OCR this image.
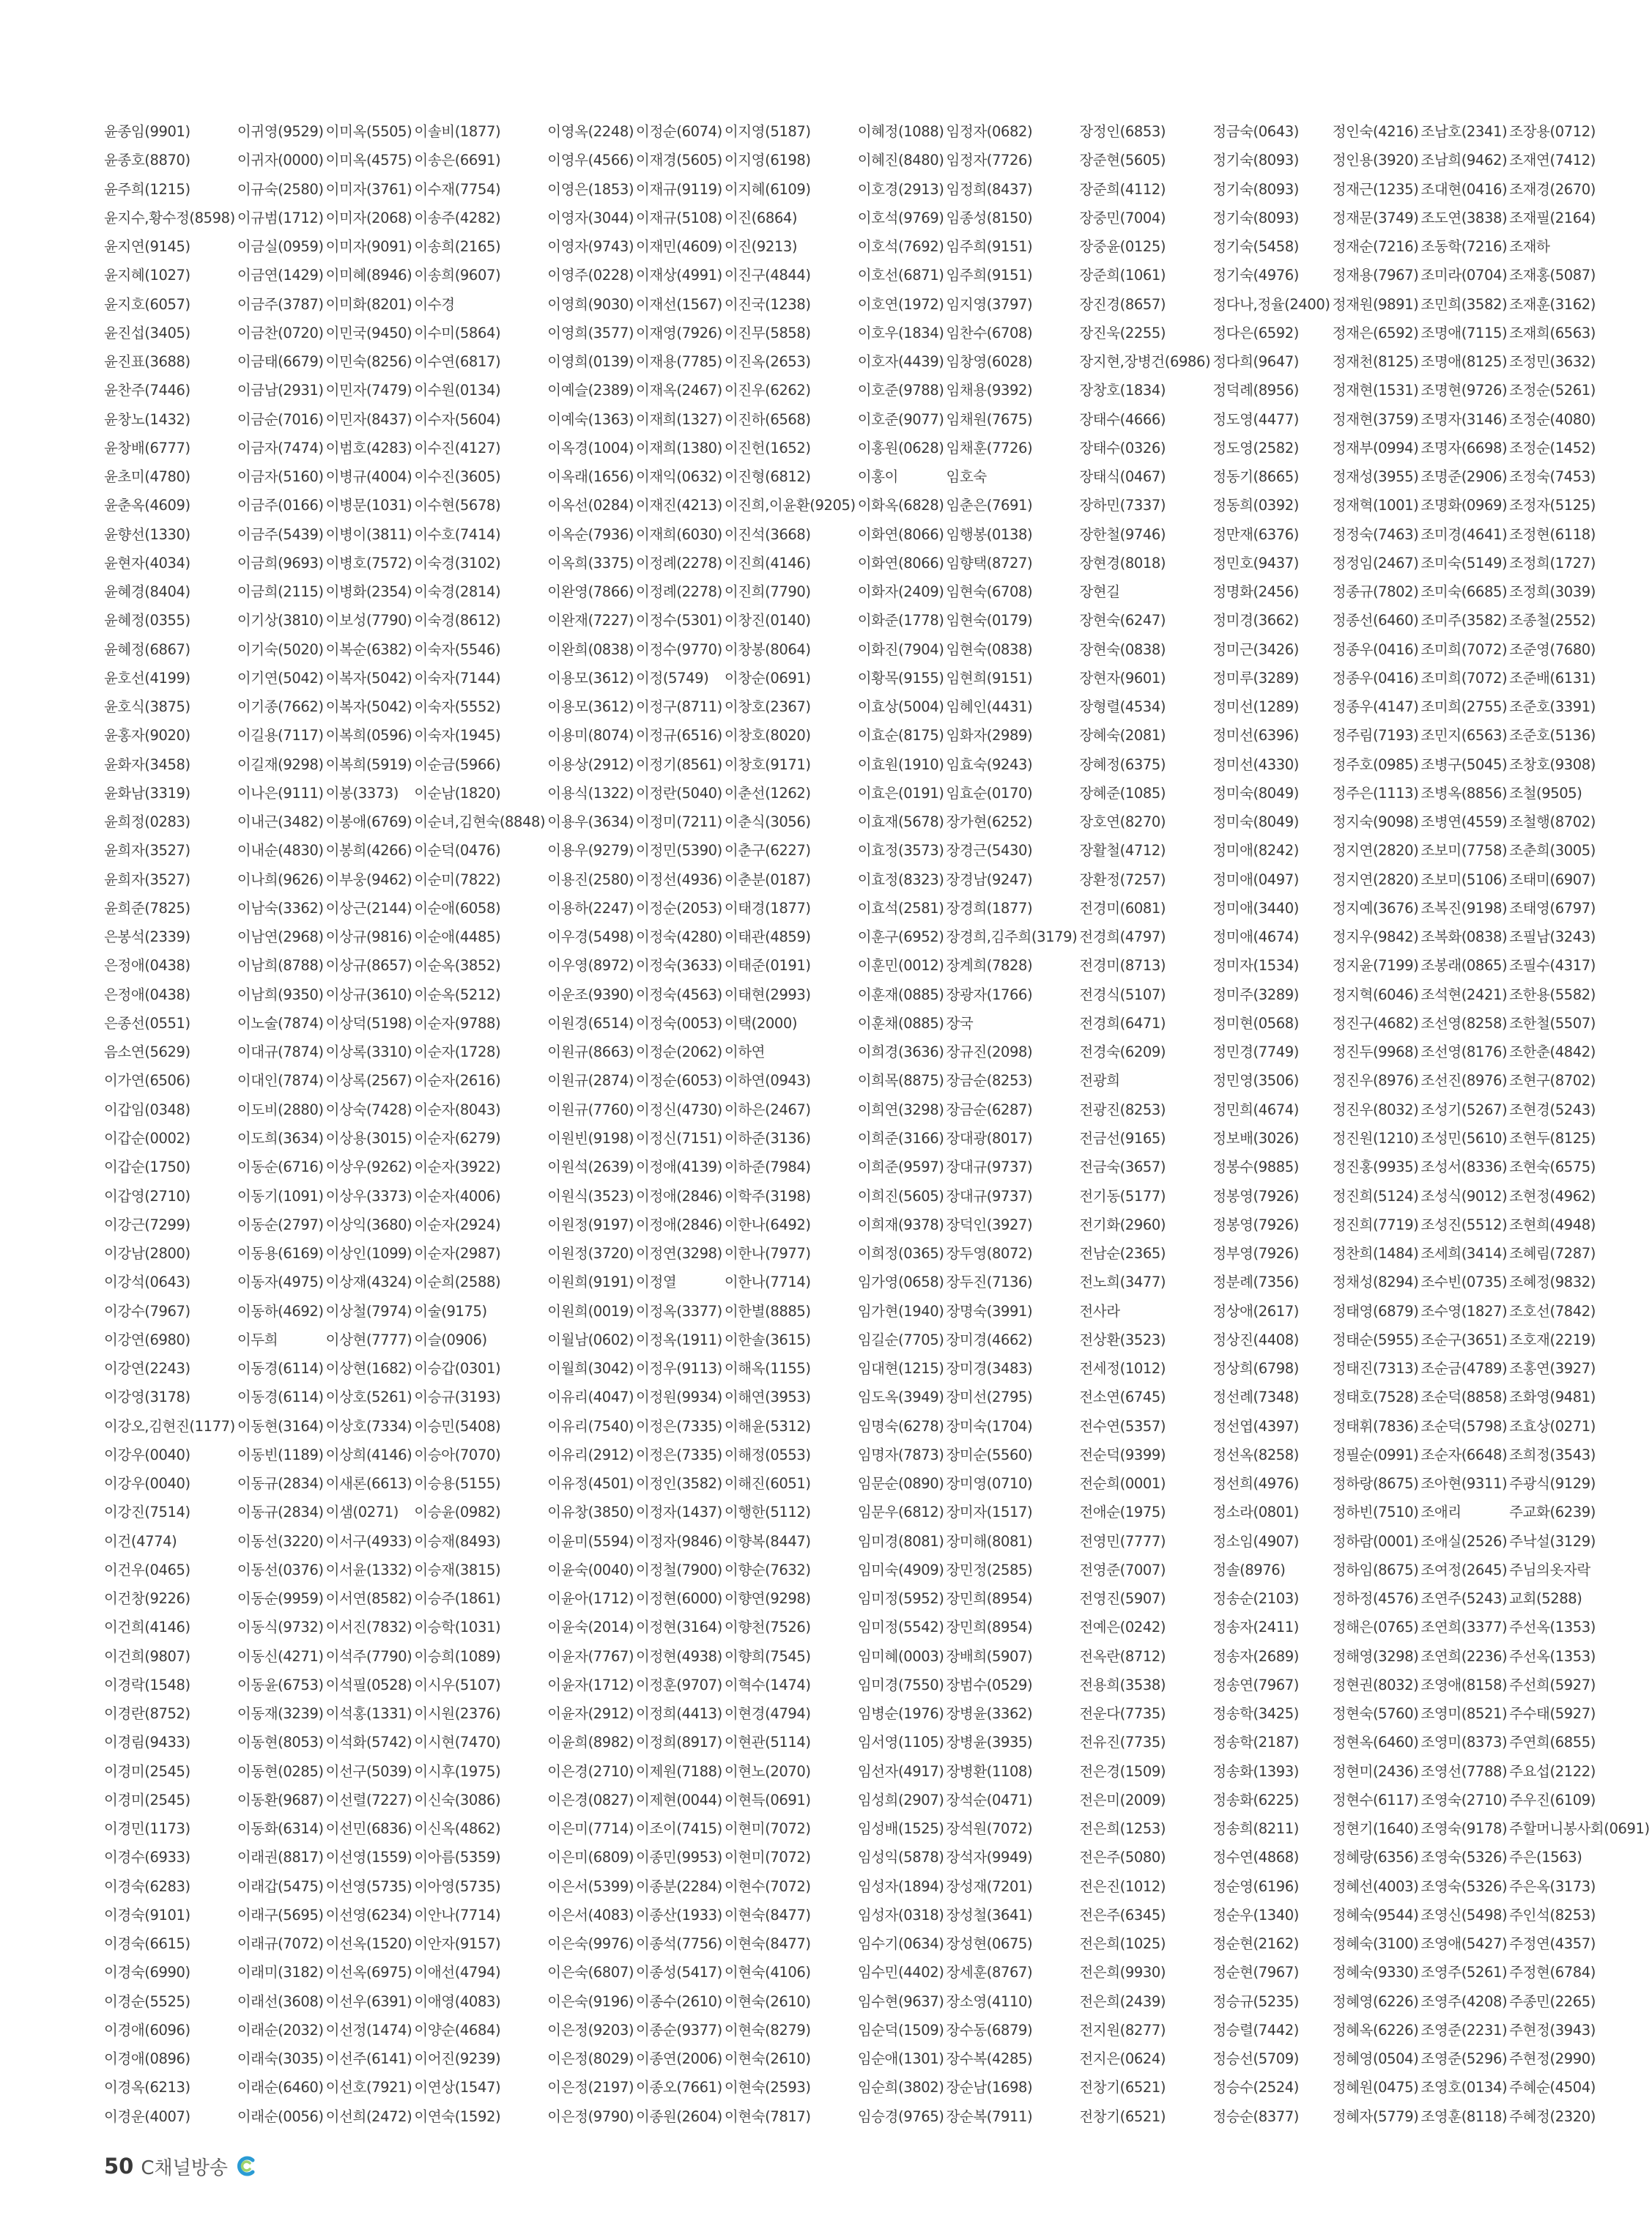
윤종임(9901)
윤종호(8870)
윤주희(1215)
윤지수,황수정(8598)
윤지연(9145)
윤지혜(1027)
윤지호(6057)
윤진섭(3405)
윤진표(3688)
윤찬주(7446)
윤창노(1432)
윤창배(6777)
윤초미(4780)
윤춘옥(4609)
윤향선(1330)
윤현자(4034)
윤혜경(8404)
윤혜정(0355)
윤혜정(6867)
윤호선(4199)
윤호식(3875)
윤홍자(9020)
윤화자(3458)
윤화남(3319)
윤희정(0283)
윤희자(3527)
윤희자(3527)
윤희준(7825)
은봉석(2339)
은정애(0438)
은정애(0438)
은종선(0551)
음소연(5629)
이가연(6506)
이갑임(0348)
이갑순(0002)
이갑순(1750)
이갑영(2710)
이강근(7299)
이강남(2800)
이강석(0643)
이강수(7967)
이강연(6980)
이강연(2243)
이강영(3178)
이강오,김현진(1177)
이강우(0040)
이강우(0040)
이강진(7514)
이건(4774)
이건우(0465)
이건창(9226)
이건희(4146)
이건희(9807)
이경락(1548)
이경란(8752)
이경림(9433)
이경미(2545)
이경미(2545)
이경민(1173)
이경수(6933)
이경숙(6283)
이경숙(9101)
이경숙(6615)
이경숙(6990)
이경순(5525)
이경애(6096)
이경애(0896)
이경옥(6213)
이경운(4007)
이귀영(9529)
이귀자(0000)
이규숙(2580)
이규범(1712)
이금실(0959)
이금연(1429)
이금주(3787)
이금찬(0720)
이금태(6679)
이금남(2931)
이금순(7016)
이금자(7474)
이금자(5160)
이금주(0166)
이금주(5439)
이금희(9693)
이금희(2115)
이기상(3810)
이기숙(5020)
이기연(5042)
이기종(7662)
이길용(7117)
이길재(9298)
이나은(9111)
이내근(3482)
이내순(4830)
이나희(9626)
이남숙(3362)
이남연(2968)
이남희(8788)
이남희(9350)
이노술(7874)
이대규(7874)
이대인(7874)
이도비(2880)
이도희(3634)
이동순(6716)
이동기(1091)
이동순(2797)
이동용(6169)
이동자(4975)
이동하(4692)
이두희
이동경(6114)
이동경(6114)
이동현(3164)
이동빈(1189)
이동규(2834)
이동규(2834)
이동선(3220)
이동선(0376)
이동순(9959)
이동식(9732)
이동신(4271)
이동윤(6753)
이동재(3239)
이동현(8053)
이동현(0285)
이동환(9687)
이동화(6314)
이래권(8817)
이래갑(5475)
이래구(5695)
이래규(7072)
이래미(3182)
이래선(3608)
이래순(2032)
이래숙(3035)
이래순(6460)
이래순(0056)
이미옥(5505)
이미옥(4575)
이미자(3761)
이미자(2068)
이미자(9091)
이미혜(8946)
이미화(8201)
이민국(9450)
이민숙(8256)
이민자(7479)
이민자(8437)
이범호(4283)
이병규(4004)
이병문(1031)
이병이(3811)
이병호(7572)
이병화(2354)
이보성(7790)
이복순(6382)
이복자(5042)
이복자(5042)
이복희(0596)
이복희(5919)
이봉(3373)
이봉애(6769)
이봉희(4266)
이부웅(9462)
이상근(2144)
이상규(9816)
이상규(8657)
이상규(3610)
이상덕(5198)
이상록(3310)
이상록(2567)
이상숙(7428)
이상용(3015)
이상우(9262)
이상우(3373)
이상익(3680)
이상인(1099)
이상재(4324)
이상철(7974)
이상현(7777)
이상현(1682)
이상호(5261)
이상호(7334)
이상희(4146)
이새론(6613)
이샘(0271)
이서구(4933)
이서윤(1332)
이서연(8582)
이서진(7832)
이석주(7790)
이석필(0528)
이석홍(1331)
이석화(5742)
이선구(5039)
이선렬(7227)
이선민(6836)
이선영(1559)
이선영(5735)
이선영(6234)
이선옥(1520)
이선옥(6975)
이선우(6391)
이선정(1474)
이선주(6141)
이선호(7921)
이선희(2472)
이솔비(1877)
이송은(6691)
이수재(7754)
이송주(4282)
이송희(2165)
이송희(9607)
이수경
이수미(5864)
이수연(6817)
이수원(0134)
이수자(5604)
이수진(4127)
이수진(3605)
이수현(5678)
이수호(7414)
이숙경(3102)
이숙경(2814)
이숙경(8612)
이숙자(5546)
이숙자(7144)
이숙자(5552)
이숙자(1945)
이순금(5966)
이순남(1820)
이순녀,김현숙(8848)
이순덕(0476)
이순미(7822)
이순애(6058)
이순애(4485)
이순옥(3852)
이순옥(5212)
이순자(9788)
이순자(1728)
이순자(2616)
이순자(8043)
이순자(6279)
이순자(3922)
이순자(4006)
이순자(2924)
이순자(2987)
이순희(2588)
이술(9175)
이슬(0906)
이승갑(0301)
이승규(3193)
이승민(5408)
이승아(7070)
이승용(5155)
이승윤(0982)
이승재(8493)
이승재(3815)
이승주(1861)
이승학(1031)
이승희(1089)
이시우(5107)
이시원(2376)
이시현(7470)
이시후(1975)
이신숙(3086)
이신옥(4862)
이아름(5359)
이아영(5735)
이안나(7714)
이안자(9157)
이애선(4794)
이애영(4083)
이양순(4684)
이어진(9239)
이연상(1547)
이연숙(1592)
이영옥(2248)
이영우(4566)
이영은(1853)
이영자(3044)
이영자(9743)
이영주(0228)
이영희(9030)
이영희(3577)
이영희(0139)
이예슬(2389)
이예숙(1363)
이옥경(1004)
이옥래(1656)
이옥선(0284)
이옥순(7936)
이옥희(3375)
이완영(7866)
이완재(7227)
이완희(0838)
이용모(3612)
이용모(3612)
이용미(8074)
이용상(2912)
이용식(1322)
이용우(3634)
이용우(9279)
이용진(2580)
이용하(2247)
이우경(5498)
이우영(8972)
이운조(9390)
이원경(6514)
이원규(8663)
이원규(2874)
이원규(7760)
이원빈(9198)
이원석(2639)
이원식(3523)
이원정(9197)
이원정(3720)
이원희(9191)
이원희(0019)
이월남(0602)
이월희(3042)
이유리(4047)
이유리(7540)
이유리(2912)
이유정(4501)
이유창(3850)
이윤미(5594)
이윤숙(0040)
이윤아(1712)
이윤숙(2014)
이윤자(7767)
이윤자(1712)
이윤자(2912)
이윤희(8982)
이은경(2710)
이은경(0827)
이은미(7714)
이은미(6809)
이은서(5399)
이은서(4083)
이은숙(9976)
이은숙(6807)
이은숙(9196)
이은정(9203)
이은정(8029)
이은정(2197)
이은정(9790)
이정순(6074)
이재경(5605)
이재규(9119)
이재규(5108)
이재민(4609)
이재상(4991)
이재선(1567)
이재영(7926)
이재용(7785)
이재옥(2467)
이재희(1327)
이재희(1380)
이재익(0632)
이재진(4213)
이재희(6030)
이정례(2278)
이정례(2278)
이정수(5301)
이정수(9770)
이정(5749)
이정구(8711)
이정규(6516)
이정기(8561)
이정란(5040)
이정미(7211)
이정민(5390)
이정선(4936)
이정순(2053)
이정숙(4280)
이정숙(3633)
이정숙(4563)
이정숙(0053)
이정순(2062)
이정순(6053)
이정신(4730)
이정신(7151)
이정애(4139)
이정애(2846)
이정애(2846)
이정연(3298)
이정열
이정옥(3377)
이정옥(1911)
이정우(9113)
이정원(9934)
이정은(7335)
이정은(7335)
이정인(3582)
이정자(1437)
이정자(9846)
이정철(7900)
이정현(6000)
이정현(3164)
이정현(4938)
이정훈(9707)
이정희(4413)
이정희(8917)
이제원(7188)
이제현(0044)
이조이(7415)
이종민(9953)
이종분(2284)
이종산(1933)
이종석(7756)
이종성(5417)
이종수(2610)
이종순(9377)
이종연(2006)
이종오(7661)
이종원(2604)
이지영(5187)
이지영(6198)
이지혜(6109)
이진(6864)
이진(9213)
이진구(4844)
이진국(1238)
이진무(5858)
이진옥(2653)
이진우(6262)
이진하(6568)
이진헌(1652)
이진형(6812)
이진희,이윤환(9205)
이진석(3668)
이진희(4146)
이진희(7790)
이창진(0140)
이창봉(8064)
이창순(0691)
이창호(2367)
이창호(8020)
이창호(9171)
이춘선(1262)
이춘식(3056)
이춘구(6227)
이춘분(0187)
이태경(1877)
이태관(4859)
이태준(0191)
이태현(2993)
이택(2000)
이하연
이하연(0943)
이하은(2467)
이하준(3136)
이하준(7984)
이학주(3198)
이한나(6492)
이한나(7977)
이한나(7714)
이한별(8885)
이한솔(3615)
이해옥(1155)
이해연(3953)
이해윤(5312)
이해정(0553)
이해진(6051)
이행한(5112)
이향복(8447)
이향순(7632)
이향연(9298)
이향천(7526)
이향희(7545)
이혁수(1474)
이현경(4794)
이현관(5114)
이현노(2070)
이현득(0691)
이현미(7072)
이현미(7072)
이현수(7072)
이현숙(8477)
이현숙(8477)
이현숙(4106)
이현숙(2610)
이현숙(8279)
이현숙(2610)
이현숙(2593)
이현숙(7817)
이혜정(1088)
이혜진(8480)
이호경(2913)
이호석(9769)
이호석(7692)
이호선(6871)
이호연(1972)
이호우(1834)
이호자(4439)
이호준(9788)
이호준(9077)
이홍원(0628)
이홍이
이화옥(6828)
이화연(8066)
이화연(8066)
이화자(2409)
이화준(1778)
이화진(7904)
이황목(9155)
이효상(5004)
이효순(8175)
이효원(1910)
이효은(0191)
이효재(5678)
이효정(3573)
이효정(8323)
이효석(2581)
이훈구(6952)
이훈민(0012)
이훈재(0885)
이훈채(0885)
이희경(3636)
이희목(8875)
이희연(3298)
이희준(3166)
이희준(9597)
이희진(5605)
이희재(9378)
이희정(0365)
임가영(0658)
임가현(1940)
임길순(7705)
임대현(1215)
임도옥(3949)
임명숙(6278)
임명자(7873)
임문순(0890)
임문우(6812)
임미경(8081)
임미숙(4909)
임미정(5952)
임미정(5542)
임미혜(0003)
임미경(7550)
임병순(1976)
임서영(1105)
임선자(4917)
임성희(2907)
임성배(1525)
임성익(5878)
임성자(1894)
임성자(0318)
임수기(0634)
임수민(4402)
임수현(9637)
임순덕(1509)
임순애(1301)
임순희(3802)
임승경(9765)
임정자(0682)
임정자(7726)
임정희(8437)
임종성(8150)
임주희(9151)
임주희(9151)
임지영(3797)
임찬수(6708)
임창영(6028)
임채용(9392)
임채원(7675)
임채훈(7726)
임호숙
임춘은(7691)
임행봉(0138)
임향택(8727)
임현숙(6708)
임현숙(0179)
임현숙(0838)
임현희(9151)
임혜인(4431)
임화자(2989)
임효숙(9243)
임효순(0170)
장가현(6252)
장경근(5430)
장경남(9247)
장경희(1877)
장경희,김주희(3179)
장계희(7828)
장광자(1766)
장국
장규진(2098)
장금순(8253)
장금순(6287)
장대광(8017)
장대규(9737)
장대규(9737)
장덕인(3927)
장두영(8072)
장두진(7136)
장명숙(3991)
장미경(4662)
장미경(3483)
장미선(2795)
장미숙(1704)
장미순(5560)
장미영(0710)
장미자(1517)
장미해(8081)
장민정(2585)
장민희(8954)
장민희(8954)
장배희(5907)
장범수(0529)
장병윤(3362)
장병윤(3935)
장병환(1108)
장석순(0471)
장석원(7072)
장석자(9949)
장성재(7201)
장성철(3641)
장성현(0675)
장세훈(8767)
장소영(4110)
장수동(6879)
장수복(4285)
장순남(1698)
장순복(7911)
장정인(6853)
장준현(5605)
장준희(4112)
장중민(7004)
장중윤(0125)
장준희(1061)
장진경(8657)
장진욱(2255)
장지현,장병건(6986)
장창호(1834)
장태수(4666)
장태수(0326)
장태식(0467)
장하민(7337)
장한철(9746)
장현경(8018)
장현길
장현숙(6247)
장현숙(0838)
장현자(9601)
장형렬(4534)
장혜숙(2081)
장혜정(6375)
장혜준(1085)
장호연(8270)
장활철(4712)
장환정(7257)
전경미(6081)
전경희(4797)
전경미(8713)
전경식(5107)
전경희(6471)
전경숙(6209)
전광희
전광진(8253)
전금선(9165)
전금숙(3657)
전기동(5177)
전기화(2960)
전남순(2365)
전노희(3477)
전사라
전상환(3523)
전세정(1012)
전소연(6745)
전수연(5357)
전순덕(9399)
전순희(0001)
전애순(1975)
전영민(7777)
전영준(7007)
전영진(5907)
전예은(0242)
전옥란(8712)
전용희(3538)
전운다(7735)
전유진(7735)
전은경(1509)
전은미(2009)
전은희(1253)
전은주(5080)
전은진(1012)
전은주(6345)
전은희(1025)
전은희(9930)
전은희(2439)
전지원(8277)
전지은(0624)
전창기(6521)
전창기(6521)
정금숙(0643)
정기숙(8093)
정기숙(8093)
정기숙(8093)
정기숙(5458)
정기숙(4976)
정다나,정율(2400)
정다은(6592)
정다희(9647)
정덕례(8956)
정도영(4477)
정도영(2582)
정동기(8665)
정동희(0392)
정만재(6376)
정민호(9437)
정명화(2456)
정미경(3662)
정미근(3426)
정미루(3289)
정미선(1289)
정미선(6396)
정미선(4330)
정미숙(8049)
정미숙(8049)
정미애(8242)
정미애(0497)
정미애(3440)
정미애(4674)
정미자(1534)
정미주(3289)
정미현(0568)
정민경(7749)
정민영(3506)
정민희(4674)
정보배(3026)
정봉수(9885)
정봉영(7926)
정봉영(7926)
정부영(7926)
정분례(7356)
정상애(2617)
정상진(4408)
정상희(6798)
정선례(7348)
정선엽(4397)
정선옥(8258)
정선희(4976)
정소라(0801)
정소임(4907)
정솔(8976)
정송순(2103)
정송자(2411)
정송자(2689)
정송연(7967)
정송학(3425)
정송학(2187)
정송화(1393)
정송화(6225)
정송희(8211)
정수연(4868)
정순영(6196)
정순우(1340)
정순현(2162)
정순현(7967)
정승규(5235)
정승렬(7442)
정승선(5709)
정승수(2524)
정승순(8377)
정인숙(4216)
정인용(3920)
정재근(1235)
정재문(3749)
정재순(7216)
정재용(7967)
정재원(9891)
정재은(6592)
정재천(8125)
정재현(1531)
정재현(3759)
정재부(0994)
정재성(3955)
정재혁(1001)
정정숙(7463)
정정임(2467)
정종규(7802)
정종선(6460)
정종우(0416)
정종우(0416)
정종우(4147)
정주림(7193)
정주호(0985)
정주은(1113)
정지숙(9098)
정지연(2820)
정지연(2820)
정지예(3676)
정지우(9842)
정지윤(7199)
정지혁(6046)
정진구(4682)
정진두(9968)
정진우(8976)
정진우(8032)
정진원(1210)
정진홍(9935)
정진희(5124)
정진희(7719)
정찬희(1484)
정채성(8294)
정태영(6879)
정태순(5955)
정태진(7313)
정태호(7528)
정태휘(7836)
정필순(0991)
정하랑(8675)
정하빈(7510)
정하람(0001)
정하임(8675)
정하정(4576)
정해은(0765)
정해영(3298)
정현권(8032)
정현숙(5760)
정현옥(6460)
정현미(2436)
정현수(6117)
정현기(1640)
정혜랑(6356)
정혜선(4003)
정혜숙(9544)
정혜숙(3100)
정혜숙(9330)
정혜영(6226)
정혜옥(6226)
정혜영(0504)
정혜원(0475)
정혜자(5779)
조남호(2341)
조남희(9462)
조대현(0416)
조도연(3838)
조동학(7216)
조미라(0704)
조민희(3582)
조명애(7115)
조명애(8125)
조명현(9726)
조명자(3146)
조명자(6698)
조명준(2906)
조명화(0969)
조미경(4641)
조미숙(5149)
조미숙(6685)
조미주(3582)
조미희(7072)
조미희(7072)
조미희(2755)
조민지(6563)
조병구(5045)
조병옥(8856)
조병연(4559)
조보미(7758)
조보미(5106)
조복진(9198)
조복화(0838)
조봉래(0865)
조석현(2421)
조선영(8258)
조선영(8176)
조선진(8976)
조성기(5267)
조성민(5610)
조성서(8336)
조성식(9012)
조성진(5512)
조세희(3414)
조수빈(0735)
조수영(1827)
조순구(3651)
조순금(4789)
조순덕(8858)
조순덕(5798)
조순자(6648)
조아현(9311)
조애리
조애실(2526)
조여정(2645)
조연주(5243)
조연희(3377)
조연희(2236)
조영애(8158)
조영미(8521)
조영미(8373)
조영선(7788)
조영숙(2710)
조영숙(9178)
조영숙(5326)
조영숙(5326)
조영신(5498)
조영애(5427)
조영주(5261)
조영주(4208)
조영준(2231)
조영준(5296)
조영호(0134)
조영훈(8118)
조장용(0712)
조재연(7412)
조재경(2670)
조재필(2164)
조재하
조재홍(5087)
조재훈(3162)
조재희(6563)
조정민(3632)
조정순(5261)
조정순(4080)
조정순(1452)
조정숙(7453)
조정자(5125)
조정현(6118)
조정희(1727)
조정희(3039)
조종철(2552)
조준영(7680)
조준배(6131)
조준호(3391)
조준호(5136)
조창호(9308)
조철(9505)
조철행(8702)
조춘희(3005)
조태미(6907)
조태영(6797)
조필남(3243)
조필수(4317)
조한용(5582)
조한철(5507)
조한춘(4842)
조현구(8702)
조현경(5243)
조현두(8125)
조현숙(6575)
조현정(4962)
조현희(4948)
조혜림(7287)
조혜정(9832)
조호선(7842)
조호재(2219)
조홍연(3927)
조화영(9481)
조효상(0271)
조희정(3543)
주광식(9129)
주교화(6239)
주낙설(3129)
주님의옷자락
교회(5288)
주선옥(1353)
주선옥(1353)
주선희(5927)
주수태(5927)
주연희(6855)
주요섭(2122)
주우진(6109)
주할머니봉사회(0691)
주은(1563)
주은옥(3173)
주인석(8253)
주정연(4357)
주정현(6784)
주종민(2265)
주현정(3943)
주현정(2990)
주혜순(4504)
주혜정(2320)
50 C채널방송
